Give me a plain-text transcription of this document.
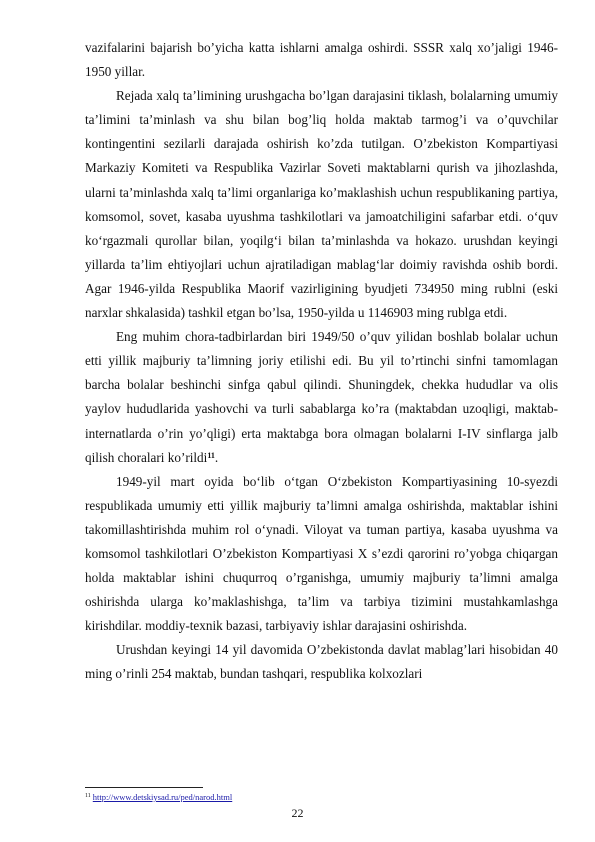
vazifalarini bajarish bo’yicha katta ishlarni amalga oshirdi. SSSR xalq xo’jaligi 1946-1950 yillar.

Rejada xalq ta’limining urushgacha bo’lgan darajasini tiklash, bolalarning umumiy ta’limini ta’minlash va shu bilan bog’liq holda maktab tarmog’i va o’quvchilar kontingentini sezilarli darajada oshirish ko’zda tutilgan. O’zbekiston Kompartiyasi Markaziy Komiteti va Respublika Vazirlar Soveti maktablarni qurish va jihozlashda, ularni ta’minlashda xalq ta’limi organlariga ko’maklashish uchun respublikaning partiya, komsomol, sovet, kasaba uyushma tashkilotlari va jamoatchiligini safarbar etdi. o‘quv ko‘rgazmali qurollar bilan, yoqilg‘i bilan ta’minlashda va hokazo. urushdan keyingi yillarda ta’lim ehtiyojlari uchun ajratiladigan mablag‘lar doimiy ravishda oshib bordi. Agar 1946-yilda Respublika Maorif vazirligining byudjeti 734950 ming rublni (eski narxlar shkalasida) tashkil etgan bo’lsa, 1950-yilda u 1146903 ming rublga etdi.

Eng muhim chora-tadbirlardan biri 1949/50 o’quv yilidan boshlab bolalar uchun etti yillik majburiy ta’limning joriy etilishi edi. Bu yil to’rtinchi sinfni tamomlagan barcha bolalar beshinchi sinfga qabul qilindi. Shuningdek, chekka hududlar va olis yaylov hududlarida yashovchi va turli sabablarga ko’ra (maktabdan uzoqligi, maktab-internatlarda o’rin yo’qligi) erta maktabga bora olmagan bolalarni I-IV sinflarga jalb qilish choralari ko’rildi$^{11}$.

1949-yil mart oyida bo‘lib o‘tgan O‘zbekiston Kompartiyasining 10-syezdi respublikada umumiy etti yillik majburiy ta’limni amalga oshirishda, maktablar ishini takomillashtirishda muhim rol o‘ynadi. Viloyat va tuman partiya, kasaba uyushma va komsomol tashkilotlari O’zbekiston Kompartiyasi X s’ezdi qarorini ro’yobga chiqargan holda maktablar ishini chuqurroq o’rganishga, umumiy majburiy ta’limni amalga oshirishda ularga ko’maklashishga, ta’lim va tarbiya tizimini mustahkamlashga kirishdilar. moddiy-texnik bazasi, tarbiyaviy ishlar darajasini oshirishda.

Urushdan keyingi 14 yil davomida O’zbekistonda davlat mablag’lari hisobidan 40 ming o’rinli 254 maktab, bundan tashqari, respublika kolxozlari

$^{11}$ http://www.detskiysad.ru/ped/narod.html
22
